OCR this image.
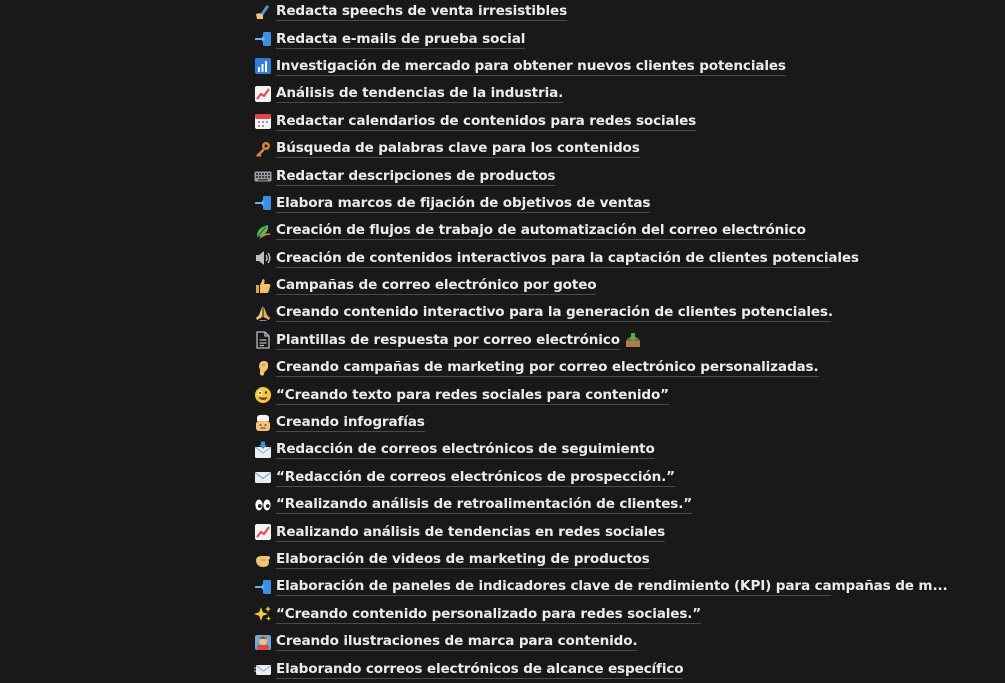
Redacta speechs de venta irresistibles
Redacta e-mails de prueba social
Investigación de mercado para obtener nuevos clientes potenciales
Análisis de tendencias de la industria.
Redactar calendarios de contenidos para redes sociales
Búsqueda de palabras clave para los contenidos
Redactar descripciones de productos
Elabora marcos de fijación de objetivos de ventas
Creación de flujos de trabajo de automatización del correo electrónico
Creación de contenidos interactivos para la captación de clientes potenciales
Campañas de correo electrónico por goteo
Creando contenido interactivo para la generación de clientes potenciales.
Plantillas de respuesta por correo electrónico
Creando campañas de marketing por correo electrónico personalizadas.
“Creando texto para redes sociales para contenido”
Creando infografías
Redacción de correos electrónicos de seguimiento
“Redacción de correos electrónicos de prospección.”
“Realizando análisis de retroalimentación de clientes.”
Realizando análisis de tendencias en redes sociales
Elaboración de videos de marketing de productos
Elaboración de paneles de indicadores clave de rendimiento (KPI) para campañas de m...
“Creando contenido personalizado para redes sociales.”
Creando ilustraciones de marca para contenido.
Elaborando correos electrónicos de alcance específico
